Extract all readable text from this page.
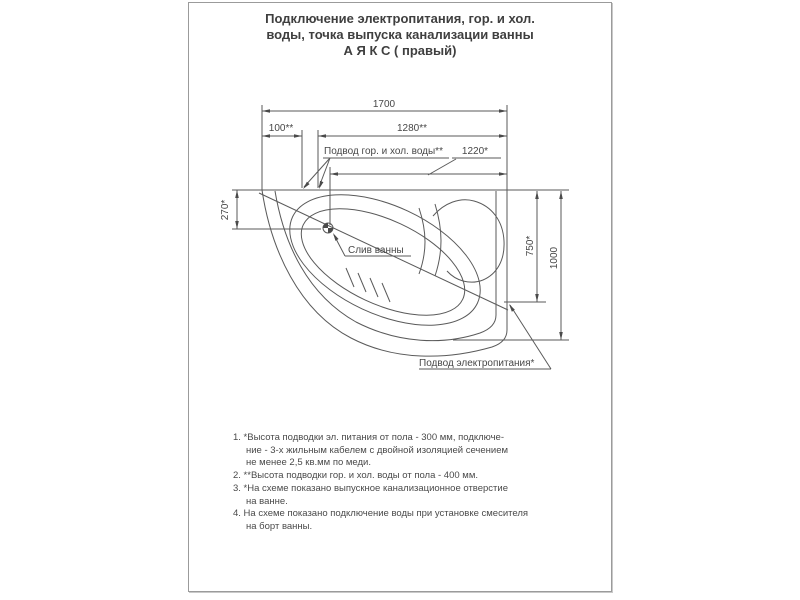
Подключение электропитания, гор. и хол.
воды, точка выпуска канализации ванны
А Я К С ( правый)
1. *Высота подводки эл. питания от пола - 300 мм, подключе-
ние - 3-х жильным кабелем с двойной изоляцией сечением
не менее 2,5 кв.мм по меди.
2. **Высота подводки гор. и хол. воды от пола - 400 мм.
3. *На схеме показано выпускное канализационное отверстие
на ванне.
4. На схеме показано подключение воды при установке смесителя
на борт ванны.
1700
100**	1280**
1220*
270*
750*
1000
Подвод гор. и хол. воды**
Слив ванны
Подвод электропитания*
